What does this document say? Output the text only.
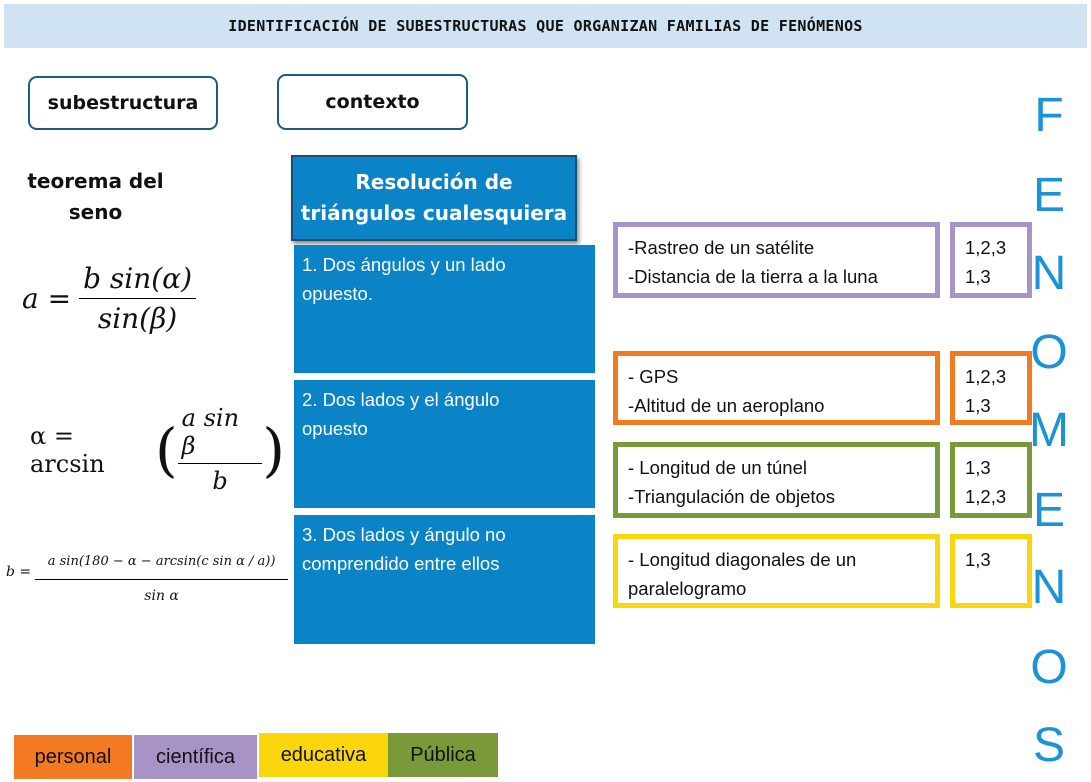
IDENTIFICACIÓN DE SUBESTRUCTURAS QUE ORGANIZAN FAMILIAS DE FENÓMENOS
subestructura	contexto
teorema del
seno
$a = \frac{\text{b sin(α)}}{\sin(\beta)}$
α = arcsin ( $\frac{\text{a sin β}}{b}$ )
$b = \frac{\text{a sin(180 − α − arcsin(c sin α / a))}}{\text{sin α}}$
Resolución de
triángulos cualesquiera
1. Dos ángulos y un lado
opuesto.
2. Dos lados y el ángulo
opuesto
3. Dos lados y ángulo no
comprendido entre ellos
-Rastreo de un satélite
-Distancia de la tierra a la luna
1,2,3
1,3
- GPS
-Altitud de un aeroplano
1,2,3
1,3
- Longitud de un túnel
-Triangulación de objetos
1,3
1,2,3
- Longitud diagonales de un
paralelogramo
1,3
F
E
N
O
M
E
N
O
S
personal	científica	educativa	Pública
